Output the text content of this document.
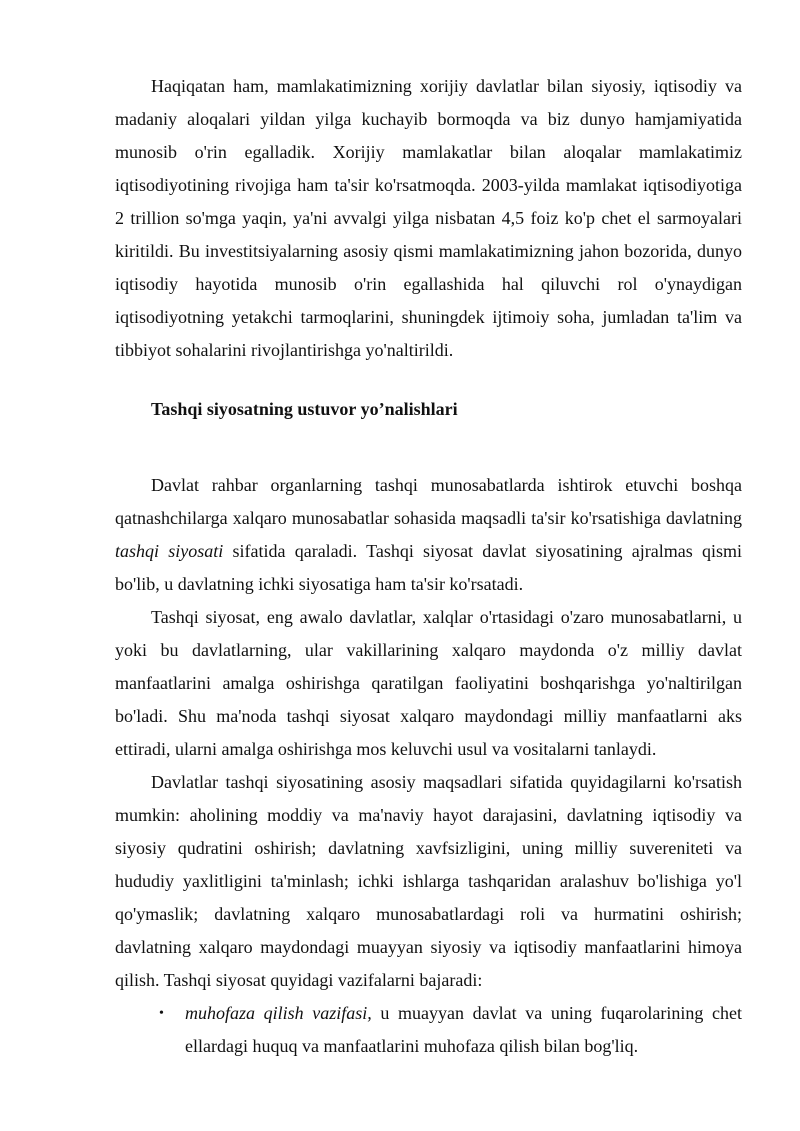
Haqiqatan ham, mamlakatimizning xorijiy davlatlar bilan siyosiy, iqtisodiy va madaniy aloqalari yildan yilga kuchayib bormoqda va biz dunyo hamjamiyatida munosib o'rin egalladik. Xorijiy mamlakatlar bilan aloqalar mamlakatimiz iqtisodiyotining rivojiga ham ta'sir ko'rsatmoqda. 2003-yilda mamlakat iqtisodiyotiga 2 trillion so'mga yaqin, ya'ni avvalgi yilga nisbatan 4,5 foiz ko'p chet el sarmoyalari kiritildi. Bu investitsiyalarning asosiy qismi mamlakatimizning jahon bozorida, dunyo iqtisodiy hayotida munosib o'rin egallashida hal qiluvchi rol o'ynaydigan iqtisodiyotning yetakchi tarmoqlarini, shuningdek ijtimoiy soha, jumladan ta'lim va tibbiyot sohalarini rivojlantirishga yo'naltirildi.

Tashqi siyosatning ustuvor yo’nalishlari

Davlat rahbar organlarning tashqi munosabatlarda ishtirok etuvchi boshqa qatnashchilarga xalqaro munosabatlar sohasida maqsadli ta'sir ko'rsatishiga davlatning tashqi siyosati sifatida qaraladi. Tashqi siyosat davlat siyosatining ajralmas qismi bo'lib, u davlatning ichki siyosatiga ham ta'sir ko'rsatadi.

Tashqi siyosat, eng awalo davlatlar, xalqlar o'rtasidagi o'zaro munosabatlarni, u yoki bu davlatlarning, ular vakillarining xalqaro maydonda o'z milliy davlat manfaatlarini amalga oshirishga qaratilgan faoliyatini boshqarishga yo'naltirilgan bo'ladi. Shu ma'noda tashqi siyosat xalqaro maydondagi milliy manfaatlarni aks ettiradi, ularni amalga oshirishga mos keluvchi usul va vositalarni tanlaydi.

Davlatlar tashqi siyosatining asosiy maqsadlari sifatida quyidagilarni ko'rsatish mumkin: aholining moddiy va ma'naviy hayot darajasini, davlatning iqtisodiy va siyosiy qudratini oshirish; davlatning xavfsizligini, uning milliy suvereniteti va hududiy yaxlitligini ta'minlash; ichki ishlarga tashqaridan aralashuv bo'lishiga yo'l qo'ymaslik; davlatning xalqaro munosabatlardagi roli va hurmatini oshirish; davlatning xalqaro maydondagi muayyan siyosiy va iqtisodiy manfaatlarini himoya qilish. Tashqi siyosat quyidagi vazifalarni bajaradi:

• muhofaza qilish vazifasi, u muayyan davlat va uning fuqarolarining chet ellardagi huquq va manfaatlarini muhofaza qilish bilan bog'liq.
